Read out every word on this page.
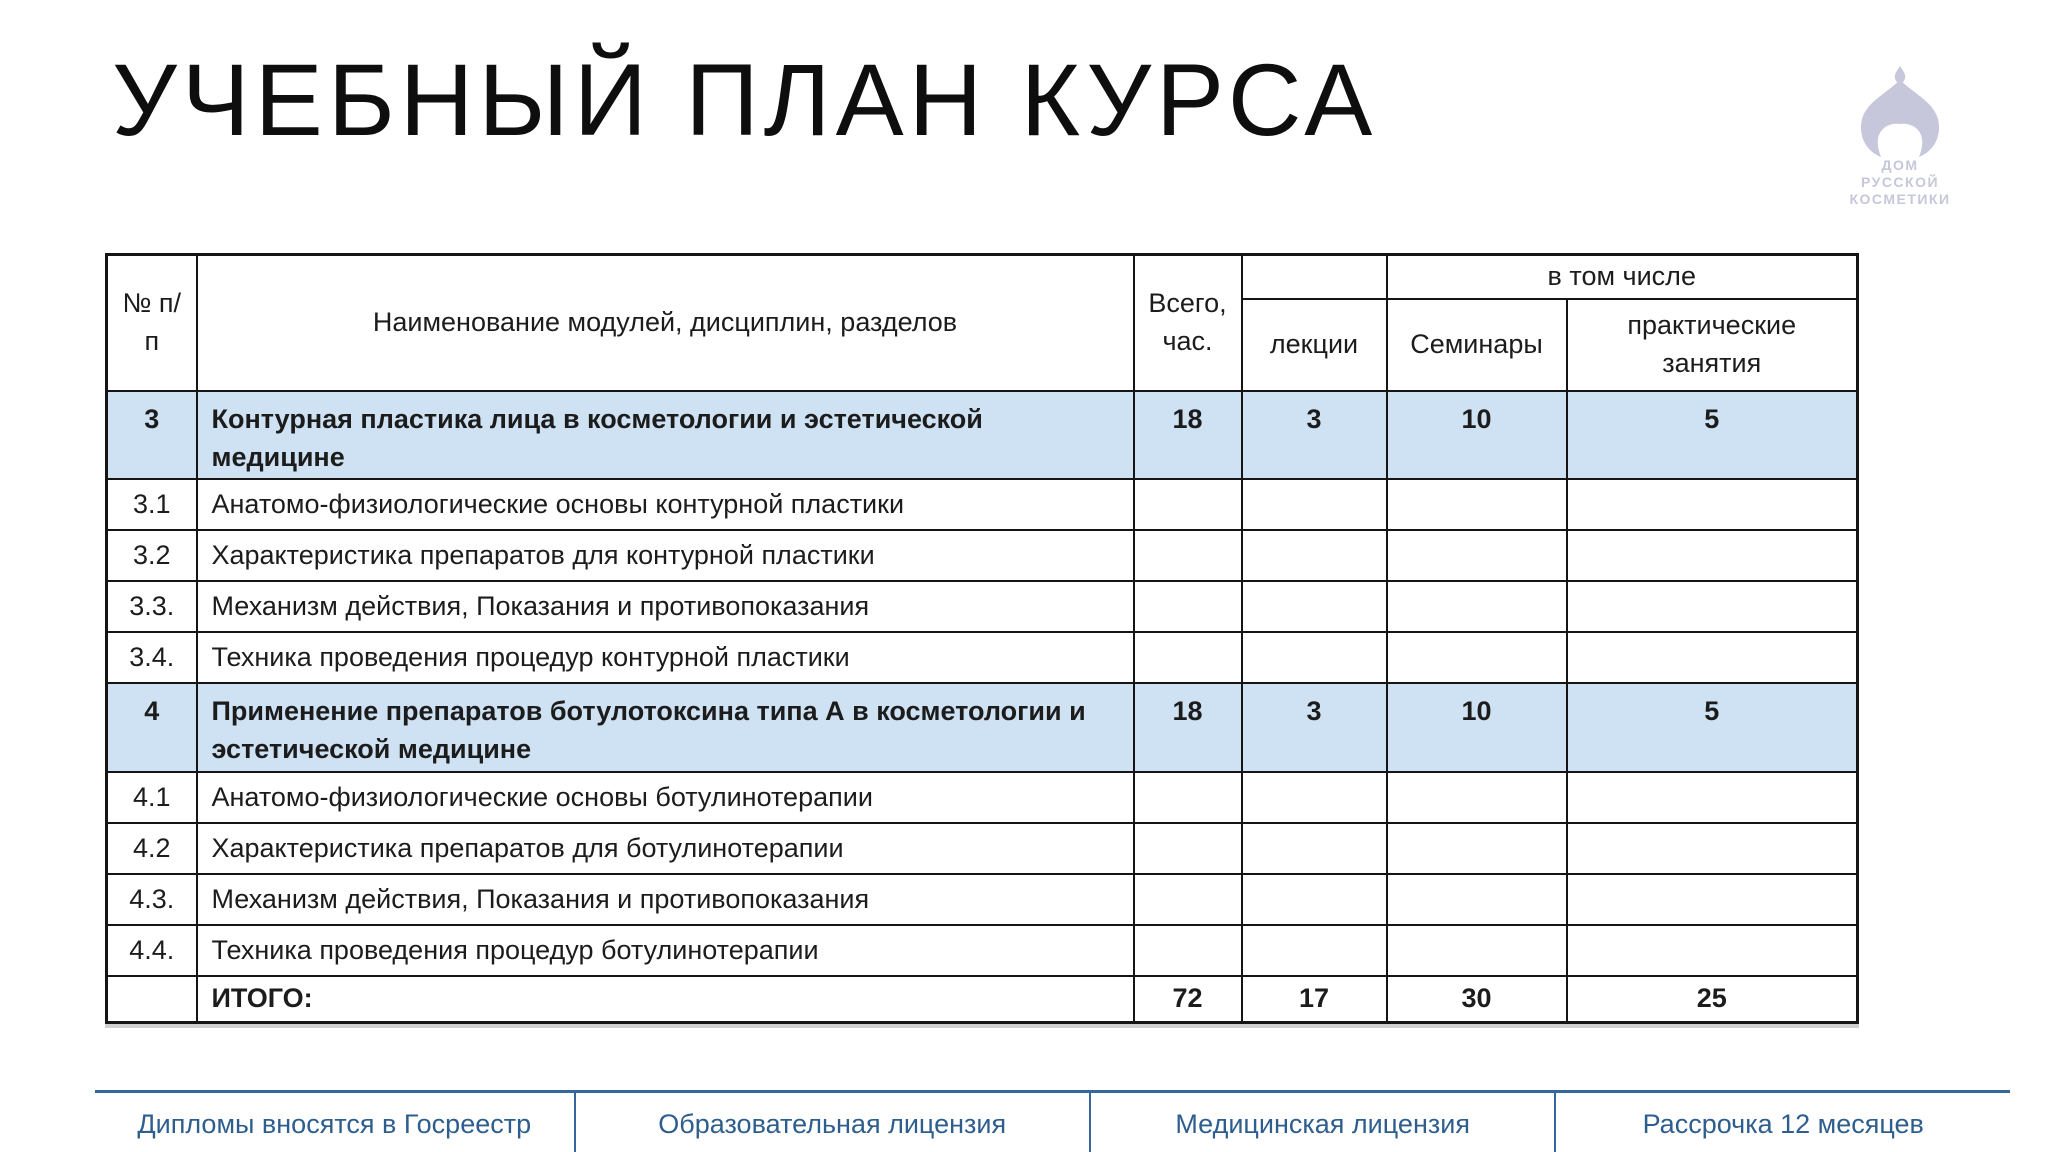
УЧЕБНЫЙ ПЛАН КУРСА
ДОМ
РУССКОЙ
КОСМЕТИКИ
№ п/п	Наименование модулей, дисциплин, разделов	Всего, час.		в том числе	
			лекции	Семинары	практические занятия
3	Контурная пластика лица в косметологии и эстетической медицине	18	3	10	5
3.1	Анатомо-физиологические основы контурной пластики				
3.2	Характеристика препаратов для контурной пластики				
3.3.	Механизм действия, Показания и противопоказания				
3.4.	Техника проведения процедур контурной пластики				
4	Применение препаратов ботулотоксина типа А в косметологии и эстетической медицине	18	3	10	5
4.1	Анатомо-физиологические основы ботулинотерапии				
4.2	Характеристика препаратов для ботулинотерапии				
4.3.	Механизм действия, Показания и противопоказания				
4.4.	Техника проведения процедур ботулинотерапии				
	ИТОГО:	72	17	30	25
Дипломы вносятся в Госреестр	Образовательная лицензия	Медицинская лицензия	Рассрочка 12 месяцев
